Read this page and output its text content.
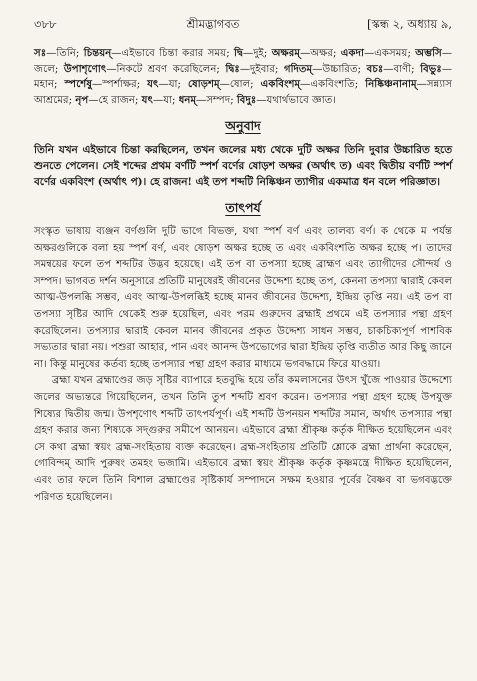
৩৮৮	শ্রীমদ্ভাগবত	[স্কন্ধ ২, অধ্যায় ৯,
সঃ—তিনি; চিন্তয়ন্—এইভাবে চিন্তা করার সময়; দ্বি—দুই; অক্ষরম্—অক্ষর; একদা—একসময়; অম্ভসি—জলে; উপাশৃণোৎ—নিকটে শ্রবণ করেছিলেন; দ্বিঃ—দুইবার; গদিতম্—উচ্চারিত; বচঃ—বাণী; বিভুঃ—মহান; স্পর্শেষু—স্পর্শাক্ষর; যৎ—যা; ষোড়শম্—ষোল; একবিংশম্—একবিংশতি; নিষ্কিঞ্চনানাম্—সন্ন্যাস আশ্রমের; নৃপ—হে রাজন; যৎ—যা; ধনম্—সম্পদ; বিদুঃ—যথার্থভাবে জ্ঞাত।
অনুবাদ
তিনি যখন এইভাবে চিন্তা করছিলেন, তখন জলের মধ্য থেকে দুটি অক্ষর তিনি দুবার উচ্চারিত হতে শুনতে পেলেন। সেই শব্দের প্রথম বর্ণটি স্পর্শ বর্ণের ষোড়শ অক্ষর (অর্থাৎ ত) এবং দ্বিতীয় বর্ণটি স্পর্শ বর্ণের একবিংশ (অর্থাৎ প)। হে রাজন! এই তপ শব্দটি নিষ্কিঞ্চন ত্যাগীর একমাত্র ধন বলে পরিজ্ঞাত।
তাৎপর্য

সংস্কৃত ভাষায় ব্যঞ্জন বর্ণগুলি দুটি ভাগে বিভক্ত, যথা স্পর্শ বর্ণ এবং তালব্য বর্ণ। ক থেকে ম পর্যন্ত অক্ষরগুলিকে বলা হয় স্পর্শ বর্ণ, এবং ষোড়শ অক্ষর হচ্ছে ত এবং একবিংশতি অক্ষর হচ্ছে প। তাদের সমন্বয়ের ফলে তপ শব্দটির উদ্ভব হয়েছে। এই তপ বা তপস্যা হচ্ছে ব্রাহ্মণ এবং ত্যাগীদের সৌন্দর্য ও সম্পদ। ভাগবত দর্শন অনুসারে প্রতিটি মানুষেরই জীবনের উদ্দেশ্য হচ্ছে তপ, কেননা তপস্যা দ্বারাই কেবল আত্ম-উপলব্ধি সম্ভব, এবং আত্ম-উপলব্ধিই হচ্ছে মানব জীবনের উদ্দেশ্য, ইন্দ্রিয় তৃপ্তি নয়। এই তপ বা তপস্যা সৃষ্টির আদি থেকেই শুরু হয়েছিল, এবং পরম গুরুদেব ব্রহ্মাই প্রথমে এই তপস্যার পন্থা গ্রহণ করেছিলেন। তপস্যার দ্বারাই কেবল মানব জীবনের প্রকৃত উদ্দেশ্য সাধন সম্ভব, চাকচিক্যপূর্ণ পাশবিক সভ্যতার দ্বারা নয়। পশুরা আহার, পান এবং আনন্দ উপভোগের দ্বারা ইন্দ্রিয় তৃপ্তি ব্যতীত আর কিছু জানে না। কিন্তু মানুষের কর্তব্য হচ্ছে তপস্যার পন্থা গ্রহণ করার মাধ্যমে ভগবদ্ধামে ফিরে যাওয়া।

ব্রহ্মা যখন ব্রহ্মাণ্ডের জড় সৃষ্টির ব্যাপারে হতবুদ্ধি হয়ে তাঁর কমলাসনের উৎস খুঁজে পাওয়ার উদ্দেশ্যে জলের অভ্যন্তরে গিয়েছিলেন, তখন তিনি তুপ শব্দটি শ্রবণ করেন। তপস্যার পন্থা গ্রহণ হচ্ছে উপযুক্ত শিষ্যের দ্বিতীয় জন্ম। উপশৃণোৎ শব্দটি তাৎপর্যপূর্ণ। এই শব্দটি উপনয়ন শব্দটির সমান, অর্থাৎ তপস্যার পন্থা গ্রহণ করার জন্য শিষ্যকে সদ্গুরুর সমীপে আনয়ন। এইভাবে ব্রহ্মা শ্রীকৃষ্ণ কর্তৃক দীক্ষিত হয়েছিলেন এবং সে কথা ব্রহ্মা স্বয়ং ব্রহ্ম-সংহিতায় ব্যক্ত করেছেন। ব্রহ্ম-সংহিতায় প্রতিটি শ্লোকে ব্রহ্মা প্রার্থনা করেছেন, গোবিন্দম্ আদি পুরুষং তমহং ভজামি। এইভাবে ব্রহ্মা স্বয়ং শ্রীকৃষ্ণ কর্তৃক কৃষ্ণমন্ত্রে দীক্ষিত হয়েছিলেন, এবং তার ফলে তিনি বিশাল ব্রহ্মাণ্ডের সৃষ্টিকার্য সম্পাদনে সক্ষম হওয়ার পূর্বের বৈষ্ণব বা ভগবদ্ভক্তে পরিণত হয়েছিলেন।
